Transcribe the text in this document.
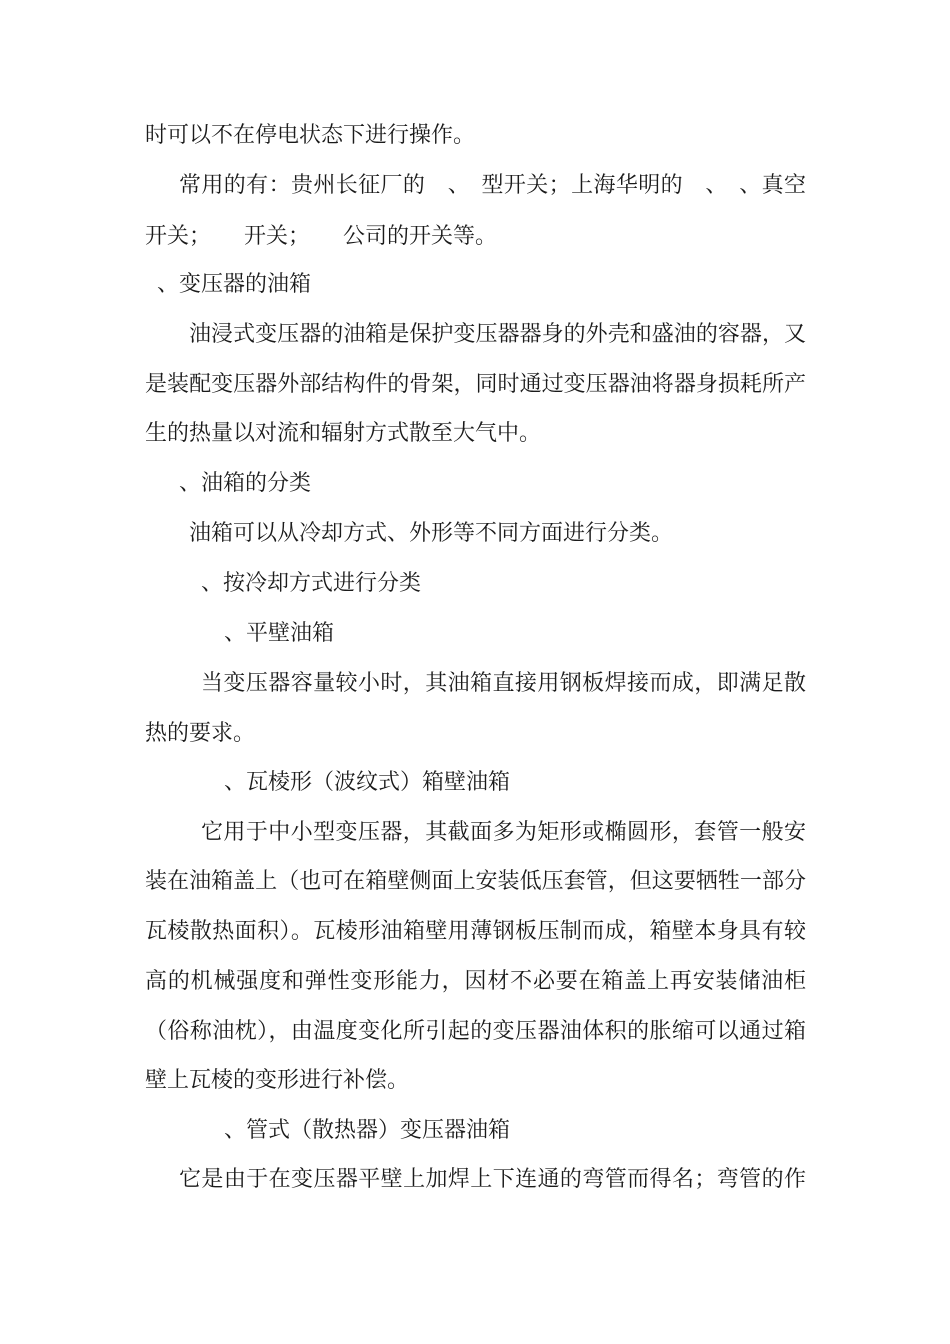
时可以不在停电状态下进行操作。
常用的有：贵州长征厂的　、　型开关；上海华明的　、　、真空
开关；　　开关；　　公司的开关等。
、变压器的油箱
油浸式变压器的油箱是保护变压器器身的外壳和盛油的容器，又
是装配变压器外部结构件的骨架，同时通过变压器油将器身损耗所产
生的热量以对流和辐射方式散至大气中。
、油箱的分类
油箱可以从冷却方式、外形等不同方面进行分类。
、按冷却方式进行分类
、平壁油箱
当变压器容量较小时，其油箱直接用钢板焊接而成，即满足散
热的要求。
、瓦棱形（波纹式）箱壁油箱
它用于中小型变压器，其截面多为矩形或椭圆形，套管一般安
装在油箱盖上（也可在箱壁侧面上安装低压套管，但这要牺牲一部分
瓦棱散热面积）。瓦棱形油箱壁用薄钢板压制而成，箱壁本身具有较
高的机械强度和弹性变形能力，因材不必要在箱盖上再安装储油柜
（俗称油枕），由温度变化所引起的变压器油体积的胀缩可以通过箱
壁上瓦棱的变形进行补偿。
、管式（散热器）变压器油箱
它是由于在变压器平壁上加焊上下连通的弯管而得名；弯管的作
